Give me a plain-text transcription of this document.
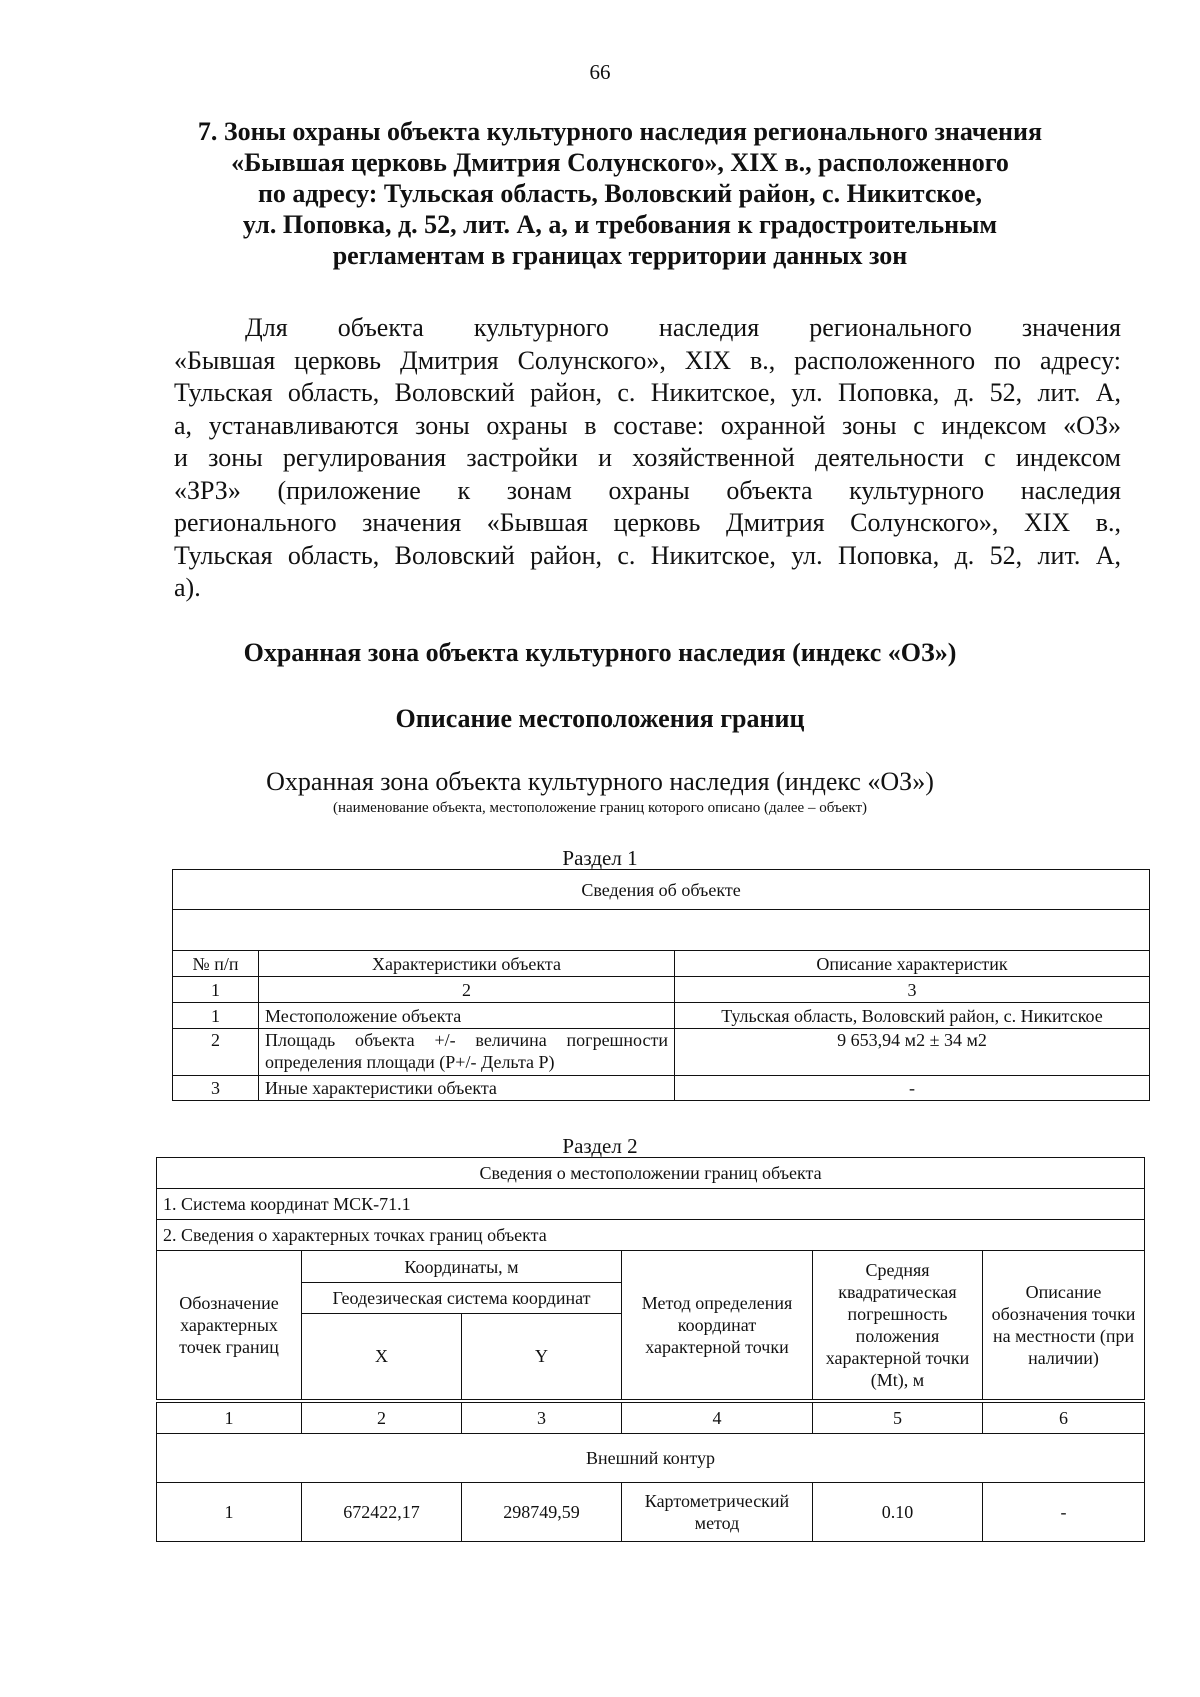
66
7. Зоны охраны объекта культурного наследия регионального значения
«Бывшая церковь Дмитрия Солунского», XIX в., расположенного
по адресу: Тульская область, Воловский район, с. Никитское,
ул. Поповка, д. 52, лит. А, а, и требования к градостроительным
регламентам в границах территории данных зон
Для объекта культурного наследия регионального значения
«Бывшая церковь Дмитрия Солунского», XIX в., расположенного по адресу:
Тульская область, Воловский район, с. Никитское, ул. Поповка, д. 52, лит. А,
а, устанавливаются зоны охраны в составе: охранной зоны с индексом «ОЗ»
и зоны регулирования застройки и хозяйственной деятельности с индексом
«ЗРЗ» (приложение к зонам охраны объекта культурного наследия
регионального значения «Бывшая церковь Дмитрия Солунского», XIX в.,
Тульская область, Воловский район, с. Никитское, ул. Поповка, д. 52, лит. А,
а).
Охранная зона объекта культурного наследия (индекс «ОЗ»)
Описание местоположения границ
Охранная зона объекта культурного наследия (индекс «ОЗ»)
(наименование объекта, местоположение границ которого описано (далее – объект)
Раздел 1
Сведения об объекте		

№ п/п	Характеристики объекта	Описание характеристик
1	2	3
1	Местоположение объекта	Тульская область, Воловский район, с. Никитское
2	Площадь объекта +/- величина погрешности определения площади (Р+/- Дельта Р)	9 653,94 м2 ± 34 м2
3	Иные характеристики объекта	-
Раздел 2
Сведения о местоположении границ объекта					
1. Система координат МСК-71.1					
2. Сведения о характерных точках границ объекта					
Обозначение характерных точек границ	Координаты, м		Метод определения координат характерной точки	Средняя квадратическая погрешность положения характерной точки (Mt), м	Описание обозначения точки на местности (при наличии)
	Геодезическая система координат				
	X	Y			
1	2	3	4	5	6
Внешний контур					
1	672422,17	298749,59	Картометрический метод	0.10	-
